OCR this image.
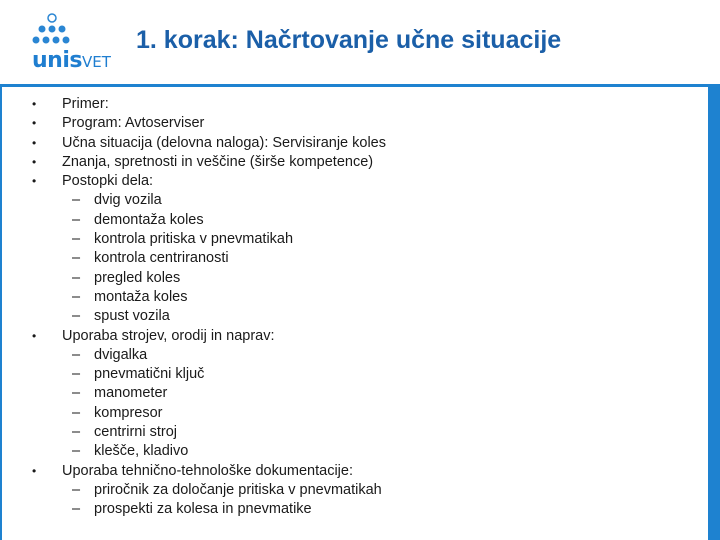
unisVET
1. korak: Načrtovanje učne situacije
• Primer:
• Program: Avtoserviser
• Učna situacija (delovna naloga): Servisiranje koles
• Znanja, spretnosti in veščine (širše kompetence)
• Postopki dela:
– dvig vozila
– demontaža koles
– kontrola pritiska v pnevmatikah
– kontrola centriranosti
– pregled koles
– montaža koles
– spust vozila
• Uporaba strojev, orodij in naprav:
– dvigalka
– pnevmatični ključ
– manometer
– kompresor
– centrirni stroj
– klešče, kladivo
• Uporaba tehnično-tehnološke dokumentacije:
– priročnik za določanje pritiska v pnevmatikah
– prospekti za kolesa in pnevmatike
